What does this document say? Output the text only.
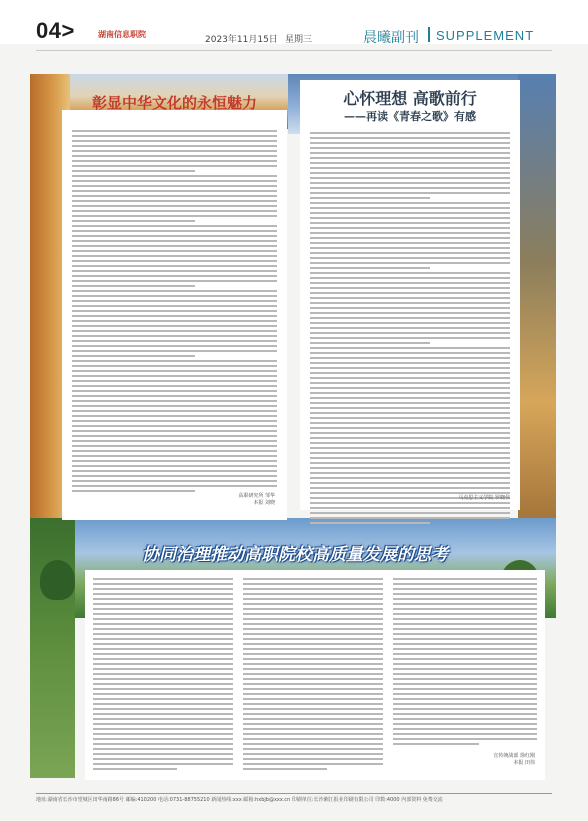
04>	湖南信息职院
2023年11月15日 星期三	晨曦副刊 SUPPLEMENT
彰显中华文化的永恒魅力
高职研究所 邹华
本报 刘晓
心怀理想 高歌前行
——再读《青春之歌》有感
马克思主义学院 罗晓伟
协同治理推动高职院校高质量发展的思考
宣传统战部 徐红刚
本报 田伟
地址:湖南省长沙市望城区田华南路86号 邮编:410200 电话:0731-88755210 新闻热线:xxx 邮箱:hxbjb@xxx.cn 印刷单位:长沙湘江报业印刷有限公司 印数:4000 内部资料 免费交流
